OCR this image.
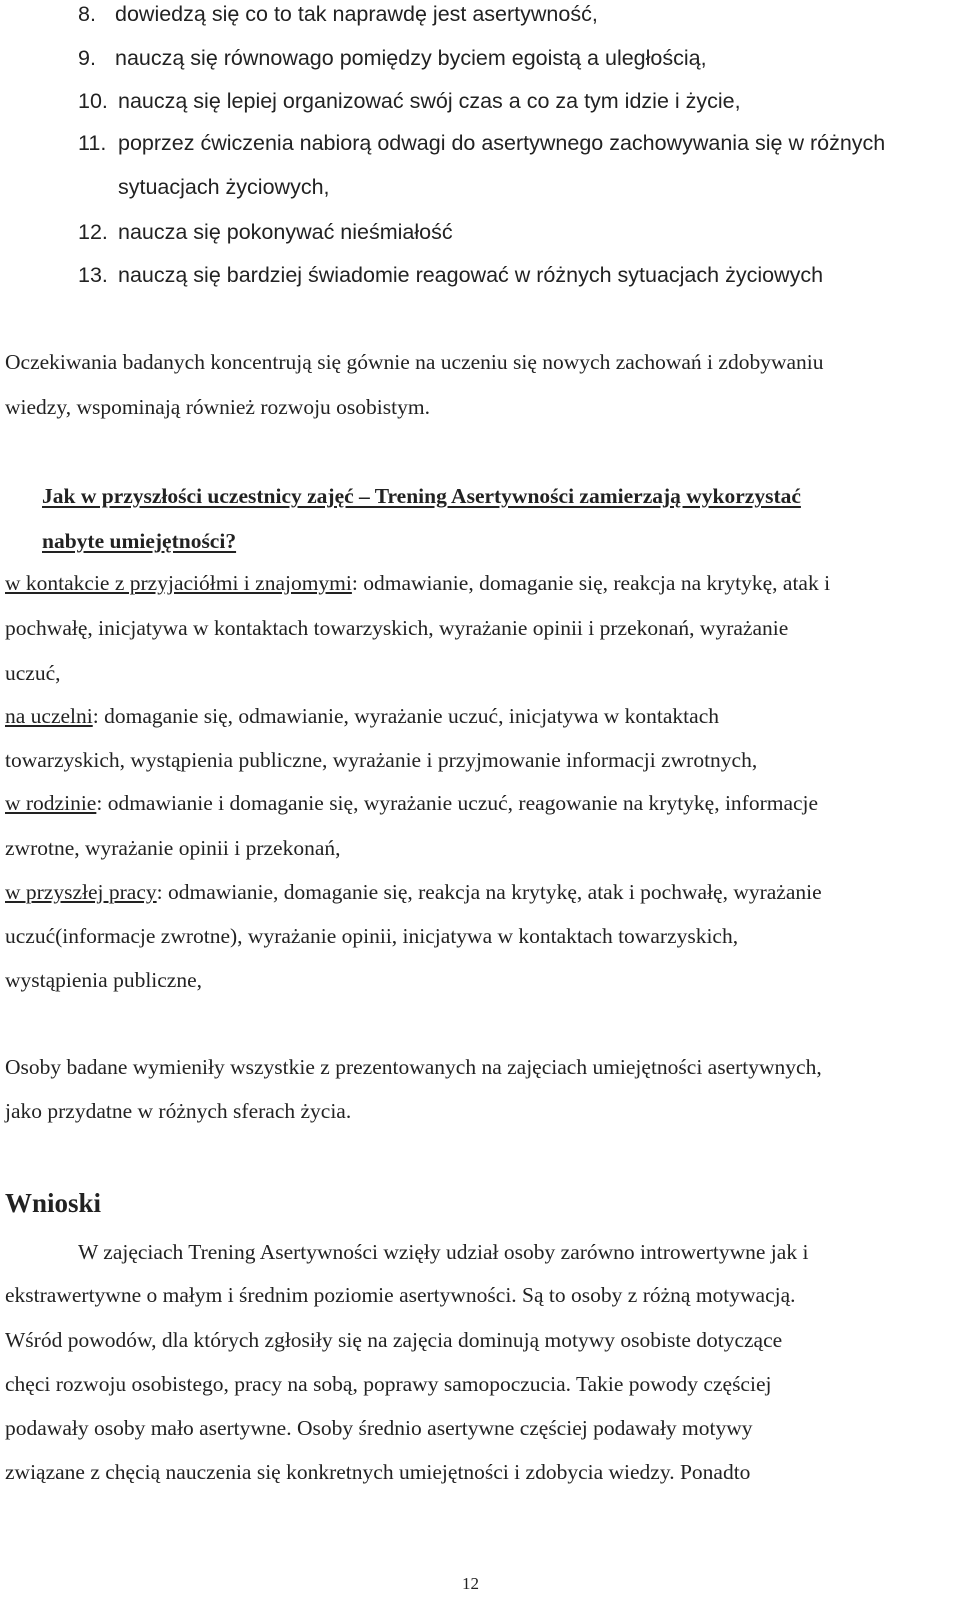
8. dowiedzą się co to tak naprawdę jest asertywność,
9. nauczą się równowago pomiędzy byciem egoistą a uległością,
10. nauczą się lepiej organizować swój czas a co za tym idzie i życie,
11. poprzez ćwiczenia nabiorą odwagi do asertywnego zachowywania się w różnych
sytuacjach życiowych,
12. naucza się pokonywać nieśmiałość
13. nauczą się bardziej świadomie reagować w różnych sytuacjach życiowych
Oczekiwania badanych koncentrują się gównie na uczeniu się nowych zachowań i zdobywaniu
wiedzy, wspominają również rozwoju osobistym.
Jak w przyszłości uczestnicy zajęć – Trening Asertywności zamierzają wykorzystać
nabyte umiejętności?
w kontakcie z przyjaciółmi i znajomymi: odmawianie, domaganie się, reakcja na krytykę, atak i
pochwałę, inicjatywa w kontaktach towarzyskich, wyrażanie opinii i przekonań, wyrażanie
uczuć,
na uczelni: domaganie się, odmawianie, wyrażanie uczuć, inicjatywa w kontaktach
towarzyskich, wystąpienia publiczne, wyrażanie i przyjmowanie informacji zwrotnych,
w rodzinie: odmawianie i domaganie się, wyrażanie uczuć, reagowanie na krytykę, informacje
zwrotne, wyrażanie opinii i przekonań,
w przyszłej pracy: odmawianie, domaganie się, reakcja na krytykę, atak i pochwałę, wyrażanie
uczuć(informacje zwrotne), wyrażanie opinii, inicjatywa w kontaktach towarzyskich,
wystąpienia publiczne,
Osoby badane wymieniły wszystkie z prezentowanych na zajęciach umiejętności asertywnych,
jako przydatne w różnych sferach życia.
Wnioski
W zajęciach Trening Asertywności wzięły udział osoby zarówno introwertywne jak i
ekstrawertywne o małym i średnim poziomie asertywności. Są to osoby z różną motywacją.
Wśród powodów, dla których zgłosiły się na zajęcia dominują motywy osobiste dotyczące
chęci rozwoju osobistego, pracy na sobą, poprawy samopoczucia. Takie powody częściej
podawały osoby mało asertywne. Osoby średnio asertywne częściej podawały motywy
związane z chęcią nauczenia się konkretnych umiejętności i zdobycia wiedzy. Ponadto
12
